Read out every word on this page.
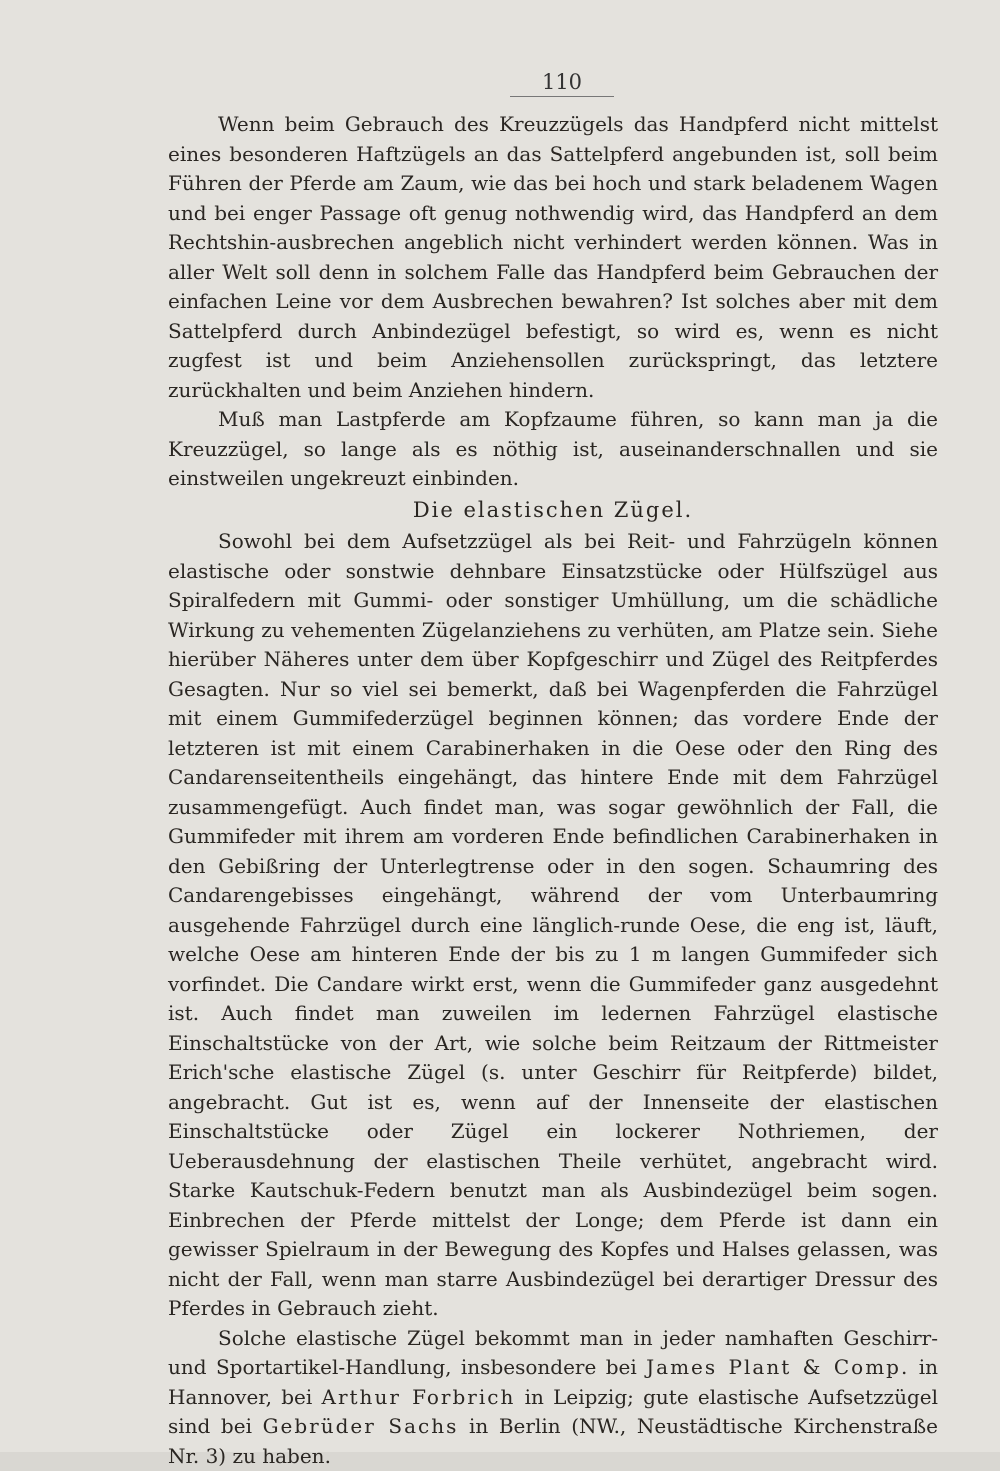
110

Wenn beim Gebrauch des Kreuzzügels das Handpferd nicht mittelst eines besonderen Haftzügels an das Sattelpferd angebunden ist, soll beim Führen der Pferde am Zaum, wie das bei hoch und stark beladenem Wagen und bei enger Passage oft genug nothwendig wird, das Handpferd an dem Rechtshin-ausbrechen angeblich nicht verhindert werden können. Was in aller Welt soll denn in solchem Falle das Handpferd beim Gebrauchen der einfachen Leine vor dem Ausbrechen bewahren? Ist solches aber mit dem Sattelpferd durch Anbindezügel befestigt, so wird es, wenn es nicht zugfest ist und beim Anziehensollen zurückspringt, das letztere zurückhalten und beim Anziehen hindern.

Muß man Lastpferde am Kopfzaume führen, so kann man ja die Kreuzzügel, so lange als es nöthig ist, auseinanderschnallen und sie einstweilen ungekreuzt einbinden.

Die elastischen Zügel.

Sowohl bei dem Aufsetzzügel als bei Reit- und Fahrzügeln können elastische oder sonstwie dehnbare Einsatzstücke oder Hülfszügel aus Spiralfedern mit Gummi- oder sonstiger Umhüllung, um die schädliche Wirkung zu vehementen Zügelanziehens zu verhüten, am Platze sein. Siehe hierüber Näheres unter dem über Kopfgeschirr und Zügel des Reitpferdes Gesagten. Nur so viel sei bemerkt, daß bei Wagenpferden die Fahrzügel mit einem Gummifederzügel beginnen können; das vordere Ende der letzteren ist mit einem Carabinerhaken in die Oese oder den Ring des Candarenseitentheils eingehängt, das hintere Ende mit dem Fahrzügel zusammengefügt. Auch findet man, was sogar gewöhnlich der Fall, die Gummifeder mit ihrem am vorderen Ende befindlichen Carabinerhaken in den Gebißring der Unterlegtrense oder in den sogen. Schaumring des Candarengebisses eingehängt, während der vom Unterbaumring ausgehende Fahrzügel durch eine länglich-runde Oese, die eng ist, läuft, welche Oese am hinteren Ende der bis zu 1 m langen Gummifeder sich vorfindet. Die Candare wirkt erst, wenn die Gummifeder ganz ausgedehnt ist. Auch findet man zuweilen im ledernen Fahrzügel elastische Einschaltstücke von der Art, wie solche beim Reitzaum der Rittmeister Erich'sche elastische Zügel (s. unter Geschirr für Reitpferde) bildet, angebracht. Gut ist es, wenn auf der Innenseite der elastischen Einschaltstücke oder Zügel ein lockerer Nothriemen, der Ueberausdehnung der elastischen Theile verhütet, angebracht wird. Starke Kautschuk-Federn benutzt man als Ausbindezügel beim sogen. Einbrechen der Pferde mittelst der Longe; dem Pferde ist dann ein gewisser Spielraum in der Bewegung des Kopfes und Halses gelassen, was nicht der Fall, wenn man starre Ausbindezügel bei derartiger Dressur des Pferdes in Gebrauch zieht.

Solche elastische Zügel bekommt man in jeder namhaften Geschirr- und Sportartikel-Handlung, insbesondere bei James Plant & Comp. in Hannover, bei Arthur Forbrich in Leipzig; gute elastische Aufsetzzügel sind bei Gebrüder Sachs in Berlin (NW., Neustädtische Kirchenstraße Nr. 3) zu haben.
